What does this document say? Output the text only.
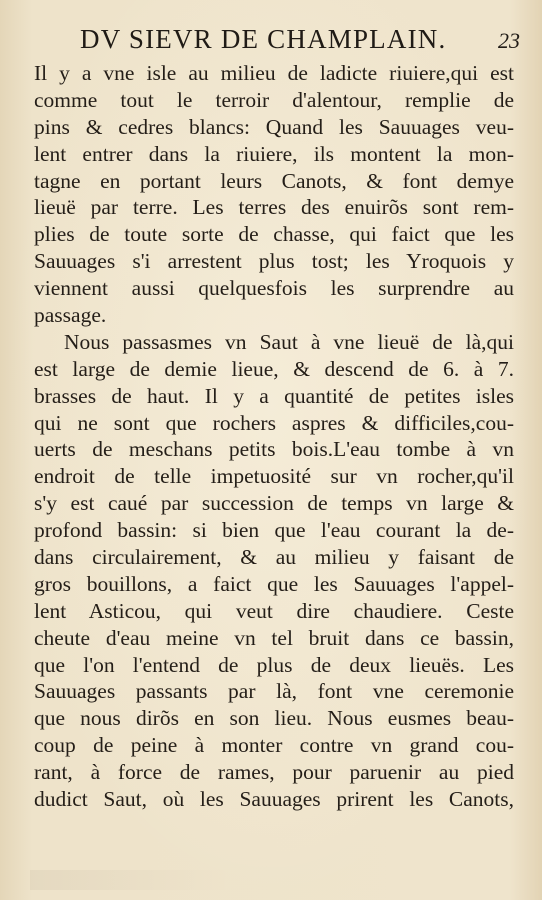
DV SIEVR DE CHAMPLAIN. 23
Il y a vne isle au milieu de ladicte riuiere,qui est
comme tout le terroir d'alentour, remplie de
pins & cedres blancs: Quand les Sauuages veu-
lent entrer dans la riuiere, ils montent la mon-
tagne en portant leurs Canots, & font demye
lieuë par terre. Les terres des enuirõs sont rem-
plies de toute sorte de chasse, qui faict que les
Sauuages s'i arrestent plus tost; les Yroquois y
viennent aussi quelquesfois les surprendre au
passage.
Nous passasmes vn Saut à vne lieuë de là,qui
est large de demie lieue, & descend de 6. à 7.
brasses de haut. Il y a quantité de petites isles
qui ne sont que rochers aspres & difficiles,cou-
uerts de meschans petits bois.L'eau tombe à vn
endroit de telle impetuosité sur vn rocher,qu'il
s'y est caué par succession de temps vn large &
profond bassin: si bien que l'eau courant la de-
dans circulairement, & au milieu y faisant de
gros bouillons, a faict que les Sauuages l'appel-
lent Asticou, qui veut dire chaudiere. Ceste
cheute d'eau meine vn tel bruit dans ce bassin,
que l'on l'entend de plus de deux lieuës. Les
Sauuages passants par là, font vne ceremonie
que nous dirõs en son lieu. Nous eusmes beau-
coup de peine à monter contre vn grand cou-
rant, à force de rames, pour paruenir au pied
dudict Saut, où les Sauuages prirent les Canots,
